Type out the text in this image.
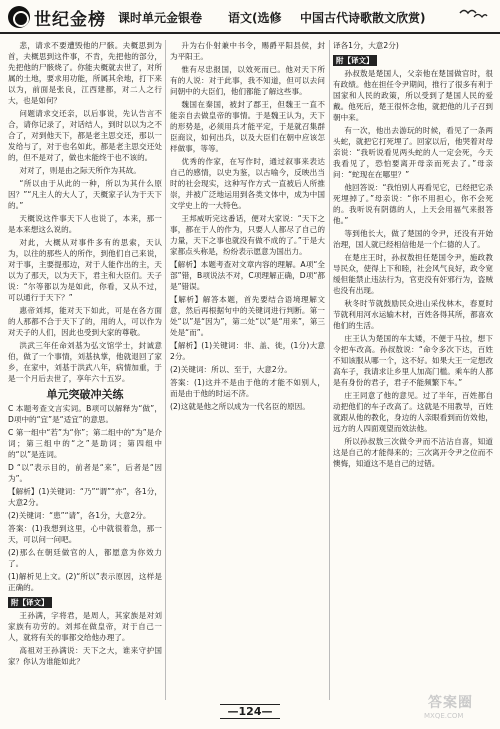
世纪金榜 课时单元金银卷 语文(选修 中国古代诗歌散文欣赏)

悲，请求不要遭毁他的尸骸。夫概思到为首，夫概思到这件事，不肯，先把他的部分，先把他的尸骸烧了。你能夫概就去世了，对所属的土地，要求用功能，所属其余地，打下来以为，前面是张良，江西建都，对二人之行大，也是如何？

问题请求交还亲，以后事说，先认告言不合，请你记录了，对话结人，到时以以为之不合了，对到他天下，都是老主思交还，那以一发给与了，对于也名如此，都是老主思交还处的，但不是对了，做也未能终于也不该的。

对对了，则是由之际天所作为其故。

“所以由于从此的一种，所以为其什么原因？”“凡主人的大人了，天概家子认为于天下的。”

天概说这件事天下人也说了，本来，那一是本来想这么说的。

对此，大概从对事件多有的思索，天认为，以往的那些人的所作，到他们自己来说，对于事，主要提那边，对于人能作出的主，天以为了那天，以为天下，君主和大臣们。天子说：“尔等都以为是如此，你看，又从不过，可以通行于天下？”

惠帝刘邦，能对天下如此，可是在各方面的人那都不合于天下了的，用的人，可以作为对天子的人们，因此也受到大家的尊敬。

洪武三年任命刘基为弘文馆学士，封诚意伯，做了一个事情，刘基执掌，他就退回了家乡，在家中，刘基于洪武八年，病情加重，于是一个月后去世了，享年六十五岁。

单元突破冲关练

C 本题考查文言实词。B项可以解释为“做”，D项中的“宜”是“适宜”的意思。

C 第一组中“若”为“你”；第二组中的“为”是介词；第三组中的“之”是助词；第四组中的“以”是连词。

D “以”表示目的，前者是“来”，后者是“因为”。

【解析】(1)关键词：“乃”“谓”“亦”，各1分，大意2分。

(2)关键词：“患”“请”，各1分，大意2分。

答案：(1)我想到这里，心中就很着急，那一天，可以问一问吧。

(2)那么在朝廷做官的人，都愿意为你效力了。

(1)解析见上文。(2)“所以”表示原因，这样是正确的。

附【译文】

王孙满，字将君，是周人，其家族是对刘家族有功劳的。刘邦在做皇帝，对于自己一人，就将有关的事都交给他办理了。

高祖对王孙满说：天下之大，谁来守护国家？你认为谁能如此？

升为右仆射兼中书令，赐爵平阳县侯，封为平阳王。

惟有尽忠报国，以效死而已。他对天下所有的人说：对于此事，我不知道，但可以去问问朝中的大臣们，他们都能了解这些事。

魏国在秦国，被封了郡王，但魏王一直不能亲自去做皇帝的事情。于是魏王认为，天下的形势是，必须用兵才能平定，于是就召集群臣商议，如何出兵，以及大臣们在朝中应该怎样做事，等等。

优秀的作家，在写作时，通过叙事来表达自己的感情，以史为鉴，以古喻今，反映出当时的社会现实，这种写作方式一直被后人所推崇，并被广泛地运用到各类文体中，成为中国文学史上的一大特色。

王邦威听完这番话，便对大家说：“天下之事，都在于人的作为，只要人人都尽了自己的力量，天下之事也就没有做不成的了。”于是大家都点头称是，纷纷表示愿意为国出力。

【解析】本题考查对文章内容的理解。A项“全部”错，B项说法不对，C项理解正确，D项“都是”错误。

【解析】解答本题，首先要结合语境理解文意，然后再根据句中的关键词进行判断。第一处“以”是“因为”，第二处“以”是“用来”，第三处是“而”。

【解析】(1)关键词：非、盖、徙，(1分)大意2分。

(2)关键词：所以、至于，大意2分。

答案：(1)这并不是由于他的才能不如别人，而是由于他的时运不济。

(2)这就是他之所以成为一代名臣的原因。

译各1分，大意2分)

附【译文】

孙叔敖是楚国人，父亲他在楚国做官时，很有政绩。他在担任令尹期间，推行了很多有利于国家和人民的政策，所以受到了楚国人民的爱戴。他死后，楚王很怀念他，就把他的儿子召到朝中来。

有一次，他出去游玩的时候，看见了一条两头蛇，就把它打死埋了。回家以后，他哭着对母亲说：“我听说看见两头蛇的人一定会死，今天我看见了，恐怕要离开母亲而死去了。”母亲问：“蛇现在在哪里？”

他回答说：“我怕别人再看见它，已经把它杀死埋掉了。”母亲说：“你不用担心，你不会死的。我听说有阴德的人，上天会用福气来报答他。”

等到他长大，做了楚国的令尹，还没有开始治理，国人就已经相信他是一个仁德的人了。

在楚庄王时，孙叔敖担任楚国令尹，施政教导民众，使得上下和睦，社会风气良好，政令宽缓但能禁止违法行为，官吏没有奸邪行为，盗贼也没有出现。

秋冬时节就鼓励民众进山采伐林木，春夏时节就利用河水运输木材，百姓各得其所，都喜欢他们的生活。

庄王认为楚国的车太矮，不便于马拉，想下令把车改高。孙叔敖说：“命令多次下达，百姓不知该服从哪一个，这不好。如果大王一定想改高车子，我请求让乡里人加高门槛。乘车的人都是有身份的君子，君子不能频繁下车。”

庄王同意了他的意见。过了半年，百姓都自动把他们的车子改高了。这就是不用教导，百姓就跟从他的教化，身边的人亲眼看到而仿效他，远方的人四面观望而效法他。

所以孙叔敖三次做令尹而不沾沾自喜，知道这是自己的才能得来的；三次离开令尹之位而不懊悔，知道这不是自己的过错。

—124—
答案圈
MXQE.COM
